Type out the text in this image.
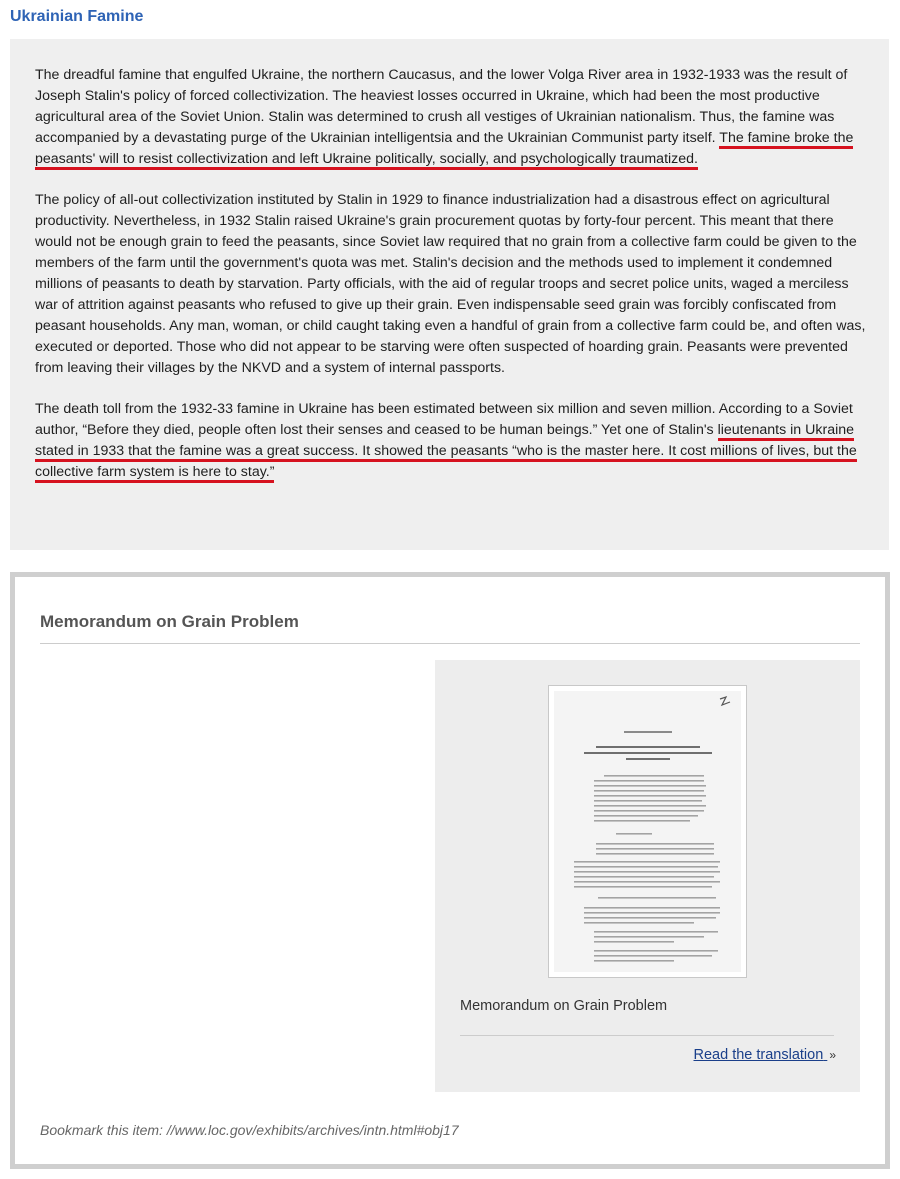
Ukrainian Famine

The dreadful famine that engulfed Ukraine, the northern Caucasus, and the lower Volga River area in 1932-1933 was the result of Joseph Stalin's policy of forced collectivization. The heaviest losses occurred in Ukraine, which had been the most productive agricultural area of the Soviet Union. Stalin was determined to crush all vestiges of Ukrainian nationalism. Thus, the famine was accompanied by a devastating purge of the Ukrainian intelligentsia and the Ukrainian Communist party itself. The famine broke the peasants' will to resist collectivization and left Ukraine politically, socially, and psychologically traumatized.

The policy of all-out collectivization instituted by Stalin in 1929 to finance industrialization had a disastrous effect on agricultural productivity. Nevertheless, in 1932 Stalin raised Ukraine's grain procurement quotas by forty-four percent. This meant that there would not be enough grain to feed the peasants, since Soviet law required that no grain from a collective farm could be given to the members of the farm until the government's quota was met. Stalin's decision and the methods used to implement it condemned millions of peasants to death by starvation. Party officials, with the aid of regular troops and secret police units, waged a merciless war of attrition against peasants who refused to give up their grain. Even indispensable seed grain was forcibly confiscated from peasant households. Any man, woman, or child caught taking even a handful of grain from a collective farm could be, and often was, executed or deported. Those who did not appear to be starving were often suspected of hoarding grain. Peasants were prevented from leaving their villages by the NKVD and a system of internal passports.

The death toll from the 1932-33 famine in Ukraine has been estimated between six million and seven million. According to a Soviet author, “Before they died, people often lost their senses and ceased to be human beings.” Yet one of Stalin's lieutenants in Ukraine stated in 1933 that the famine was a great success. It showed the peasants “who is the master here. It cost millions of lives, but the collective farm system is here to stay.”

Memorandum on Grain Problem
Memorandum on Grain Problem
Read the translation »
Bookmark this item: //www.loc.gov/exhibits/archives/intn.html#obj17
